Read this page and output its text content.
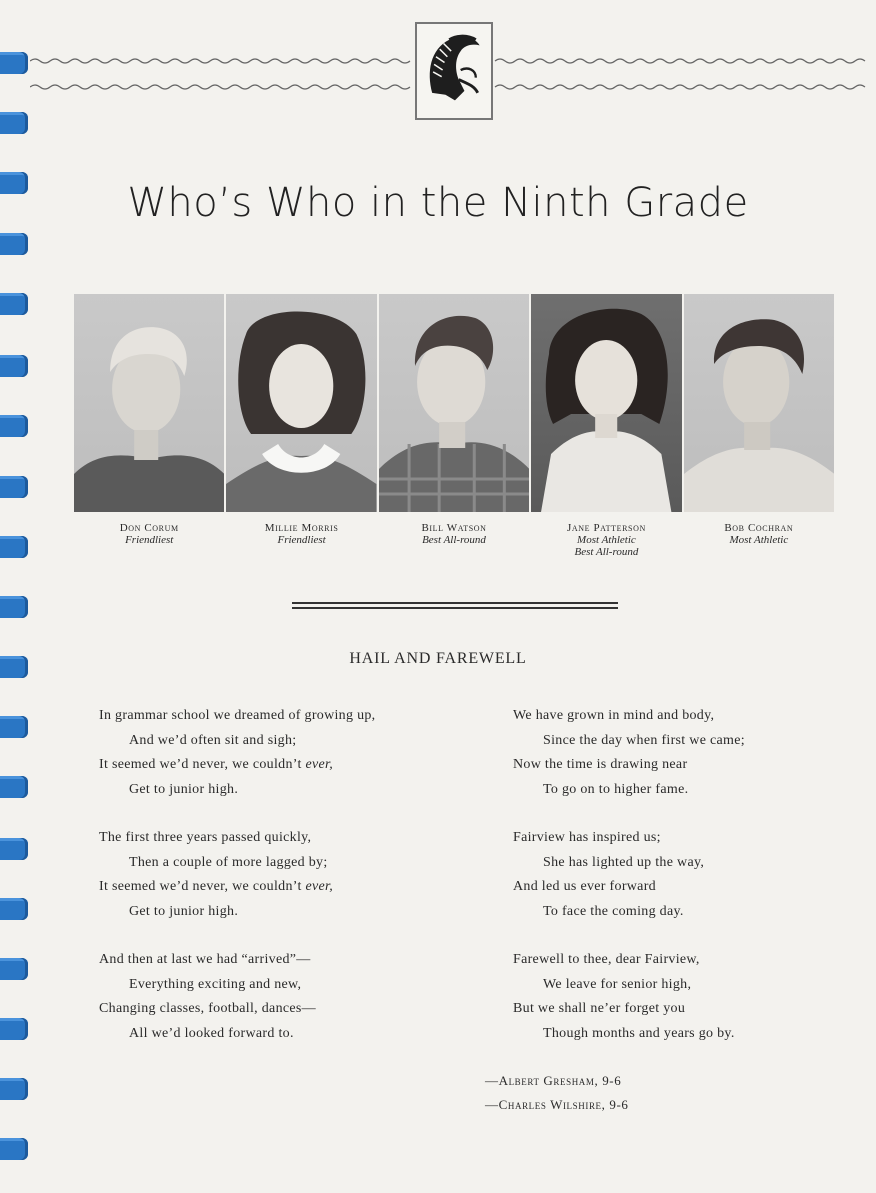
Who’s Who in the Ninth Grade
Don Corum
Friendliest
Millie Morris
Friendliest
Bill Watson
Best All-round
Jane Patterson
Most Athletic
Best All-round
Bob Cochran
Most Athletic
HAIL AND FAREWELL
In grammar school we dreamed of growing up,
And we’d often sit and sigh;
It seemed we’d never, we couldn’t ever,
Get to junior high.
The first three years passed quickly,
Then a couple of more lagged by;
It seemed we’d never, we couldn’t ever,
Get to junior high.
And then at last we had “arrived”—
Everything exciting and new,
Changing classes, football, dances—
All we’d looked forward to.
We have grown in mind and body,
Since the day when first we came;
Now the time is drawing near
To go on to higher fame.
Fairview has inspired us;
She has lighted up the way,
And led us ever forward
To face the coming day.
Farewell to thee, dear Fairview,
We leave for senior high,
But we shall ne’er forget you
Though months and years go by.
—Albert Gresham, 9-6
—Charles Wilshire, 9-6
